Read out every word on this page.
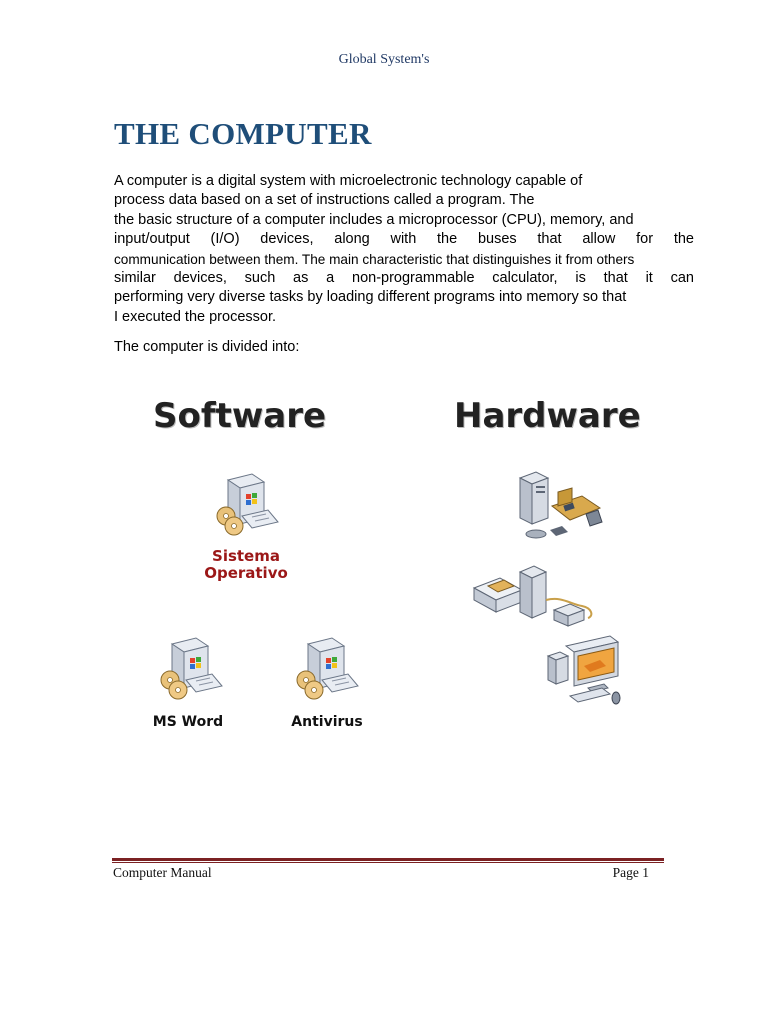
Global System's
THE COMPUTER
A computer is a digital system with microelectronic technology capable of
process data based on a set of instructions called a program. The
the basic structure of a computer includes a microprocessor (CPU), memory, and
input/output (I/O) devices, along with the buses that allow for the
communication between them. The main characteristic that distinguishes it from others
similar devices, such as a non-programmable calculator, is that it can
performing very diverse tasks by loading different programs into memory so that
I executed the processor.
The computer is divided into:
Software	Hardware
Sistema
Operativo
MS Word	Antivirus
Computer Manual	Page 1
